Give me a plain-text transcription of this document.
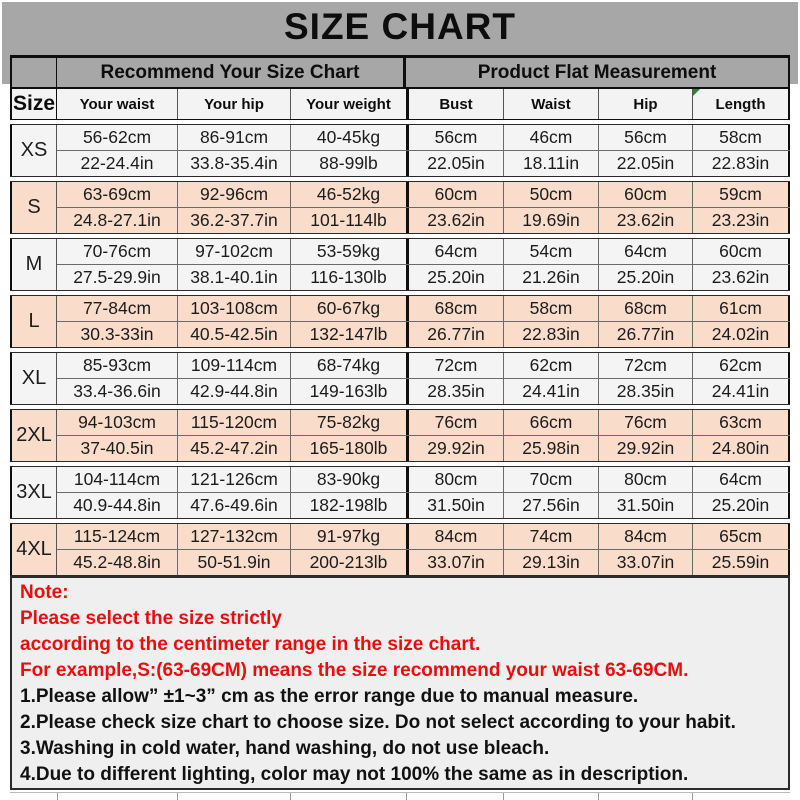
SIZE CHART
Recommend Your Size Chart	Product Flat Measurement
Size	Your waist	Your hip	Your weight	Bust	Waist	Hip	Length
XS
56-62cm	86-91cm	40-45kg	56cm	46cm	56cm	58cm
22-24.4in	33.8-35.4in	88-99lb	22.05in	18.11in	22.05in	22.83in
S
63-69cm	92-96cm	46-52kg	60cm	50cm	60cm	59cm
24.8-27.1in	36.2-37.7in	101-114lb	23.62in	19.69in	23.62in	23.23in
M
70-76cm	97-102cm	53-59kg	64cm	54cm	64cm	60cm
27.5-29.9in	38.1-40.1in	116-130lb	25.20in	21.26in	25.20in	23.62in
L
77-84cm	103-108cm	60-67kg	68cm	58cm	68cm	61cm
30.3-33in	40.5-42.5in	132-147lb	26.77in	22.83in	26.77in	24.02in
XL
85-93cm	109-114cm	68-74kg	72cm	62cm	72cm	62cm
33.4-36.6in	42.9-44.8in	149-163lb	28.35in	24.41in	28.35in	24.41in
2XL
94-103cm	115-120cm	75-82kg	76cm	66cm	76cm	63cm
37-40.5in	45.2-47.2in	165-180lb	29.92in	25.98in	29.92in	24.80in
3XL
104-114cm	121-126cm	83-90kg	80cm	70cm	80cm	64cm
40.9-44.8in	47.6-49.6in	182-198lb	31.50in	27.56in	31.50in	25.20in
4XL
115-124cm	127-132cm	91-97kg	84cm	74cm	84cm	65cm
45.2-48.8in	50-51.9in	200-213lb	33.07in	29.13in	33.07in	25.59in
Note:
Please select the size strictly
according to the centimeter range in the size chart.
For example,S:(63-69CM) means the size recommend your waist 63-69CM.
1.Please allow” ±1~3” cm as the error range due to manual measure.
2.Please check size chart to choose size. Do not select according to your habit.
3.Washing in cold water, hand washing, do not use bleach.
4.Due to different lighting, color may not 100% the same as in description.
